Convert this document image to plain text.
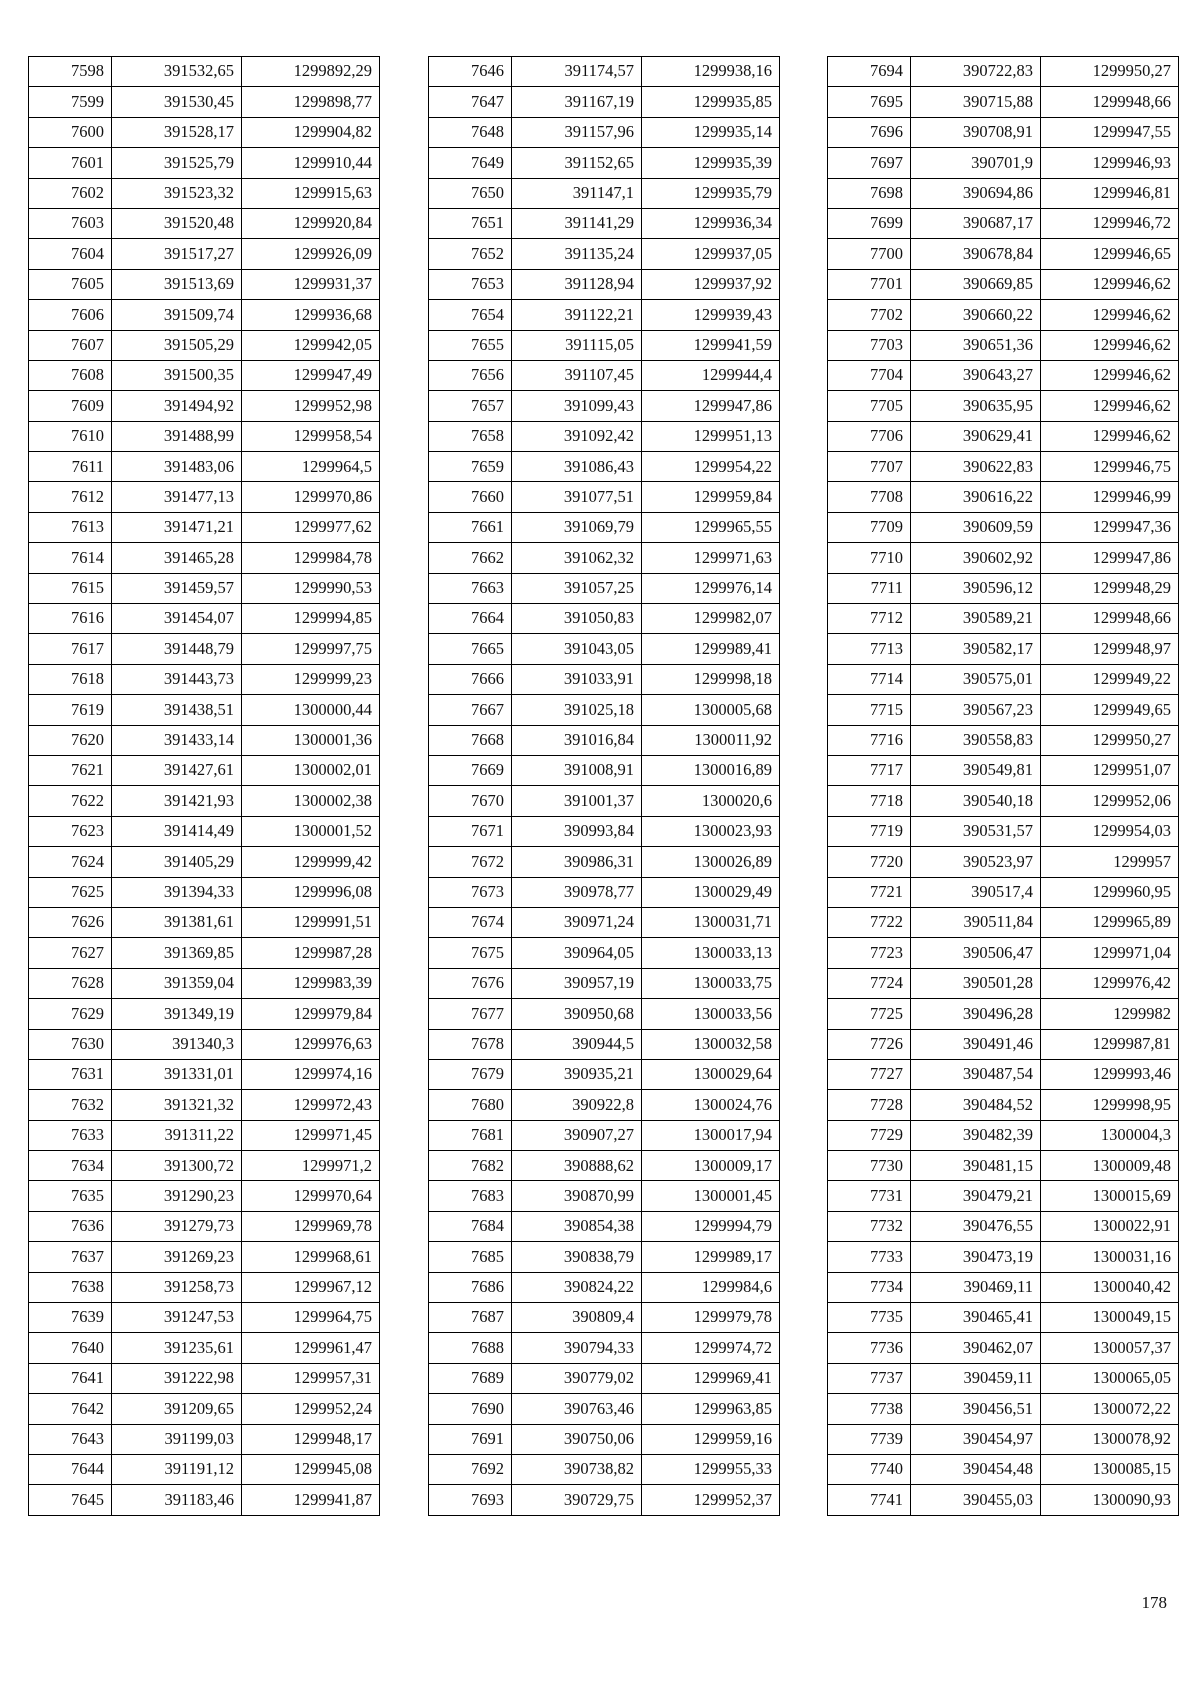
7598	391532,65	1299892,29
7599	391530,45	1299898,77
7600	391528,17	1299904,82
7601	391525,79	1299910,44
7602	391523,32	1299915,63
7603	391520,48	1299920,84
7604	391517,27	1299926,09
7605	391513,69	1299931,37
7606	391509,74	1299936,68
7607	391505,29	1299942,05
7608	391500,35	1299947,49
7609	391494,92	1299952,98
7610	391488,99	1299958,54
7611	391483,06	1299964,5
7612	391477,13	1299970,86
7613	391471,21	1299977,62
7614	391465,28	1299984,78
7615	391459,57	1299990,53
7616	391454,07	1299994,85
7617	391448,79	1299997,75
7618	391443,73	1299999,23
7619	391438,51	1300000,44
7620	391433,14	1300001,36
7621	391427,61	1300002,01
7622	391421,93	1300002,38
7623	391414,49	1300001,52
7624	391405,29	1299999,42
7625	391394,33	1299996,08
7626	391381,61	1299991,51
7627	391369,85	1299987,28
7628	391359,04	1299983,39
7629	391349,19	1299979,84
7630	391340,3	1299976,63
7631	391331,01	1299974,16
7632	391321,32	1299972,43
7633	391311,22	1299971,45
7634	391300,72	1299971,2
7635	391290,23	1299970,64
7636	391279,73	1299969,78
7637	391269,23	1299968,61
7638	391258,73	1299967,12
7639	391247,53	1299964,75
7640	391235,61	1299961,47
7641	391222,98	1299957,31
7642	391209,65	1299952,24
7643	391199,03	1299948,17
7644	391191,12	1299945,08
7645	391183,46	1299941,87
7646	391174,57	1299938,16
7647	391167,19	1299935,85
7648	391157,96	1299935,14
7649	391152,65	1299935,39
7650	391147,1	1299935,79
7651	391141,29	1299936,34
7652	391135,24	1299937,05
7653	391128,94	1299937,92
7654	391122,21	1299939,43
7655	391115,05	1299941,59
7656	391107,45	1299944,4
7657	391099,43	1299947,86
7658	391092,42	1299951,13
7659	391086,43	1299954,22
7660	391077,51	1299959,84
7661	391069,79	1299965,55
7662	391062,32	1299971,63
7663	391057,25	1299976,14
7664	391050,83	1299982,07
7665	391043,05	1299989,41
7666	391033,91	1299998,18
7667	391025,18	1300005,68
7668	391016,84	1300011,92
7669	391008,91	1300016,89
7670	391001,37	1300020,6
7671	390993,84	1300023,93
7672	390986,31	1300026,89
7673	390978,77	1300029,49
7674	390971,24	1300031,71
7675	390964,05	1300033,13
7676	390957,19	1300033,75
7677	390950,68	1300033,56
7678	390944,5	1300032,58
7679	390935,21	1300029,64
7680	390922,8	1300024,76
7681	390907,27	1300017,94
7682	390888,62	1300009,17
7683	390870,99	1300001,45
7684	390854,38	1299994,79
7685	390838,79	1299989,17
7686	390824,22	1299984,6
7687	390809,4	1299979,78
7688	390794,33	1299974,72
7689	390779,02	1299969,41
7690	390763,46	1299963,85
7691	390750,06	1299959,16
7692	390738,82	1299955,33
7693	390729,75	1299952,37
7694	390722,83	1299950,27
7695	390715,88	1299948,66
7696	390708,91	1299947,55
7697	390701,9	1299946,93
7698	390694,86	1299946,81
7699	390687,17	1299946,72
7700	390678,84	1299946,65
7701	390669,85	1299946,62
7702	390660,22	1299946,62
7703	390651,36	1299946,62
7704	390643,27	1299946,62
7705	390635,95	1299946,62
7706	390629,41	1299946,62
7707	390622,83	1299946,75
7708	390616,22	1299946,99
7709	390609,59	1299947,36
7710	390602,92	1299947,86
7711	390596,12	1299948,29
7712	390589,21	1299948,66
7713	390582,17	1299948,97
7714	390575,01	1299949,22
7715	390567,23	1299949,65
7716	390558,83	1299950,27
7717	390549,81	1299951,07
7718	390540,18	1299952,06
7719	390531,57	1299954,03
7720	390523,97	1299957
7721	390517,4	1299960,95
7722	390511,84	1299965,89
7723	390506,47	1299971,04
7724	390501,28	1299976,42
7725	390496,28	1299982
7726	390491,46	1299987,81
7727	390487,54	1299993,46
7728	390484,52	1299998,95
7729	390482,39	1300004,3
7730	390481,15	1300009,48
7731	390479,21	1300015,69
7732	390476,55	1300022,91
7733	390473,19	1300031,16
7734	390469,11	1300040,42
7735	390465,41	1300049,15
7736	390462,07	1300057,37
7737	390459,11	1300065,05
7738	390456,51	1300072,22
7739	390454,97	1300078,92
7740	390454,48	1300085,15
7741	390455,03	1300090,93
178
